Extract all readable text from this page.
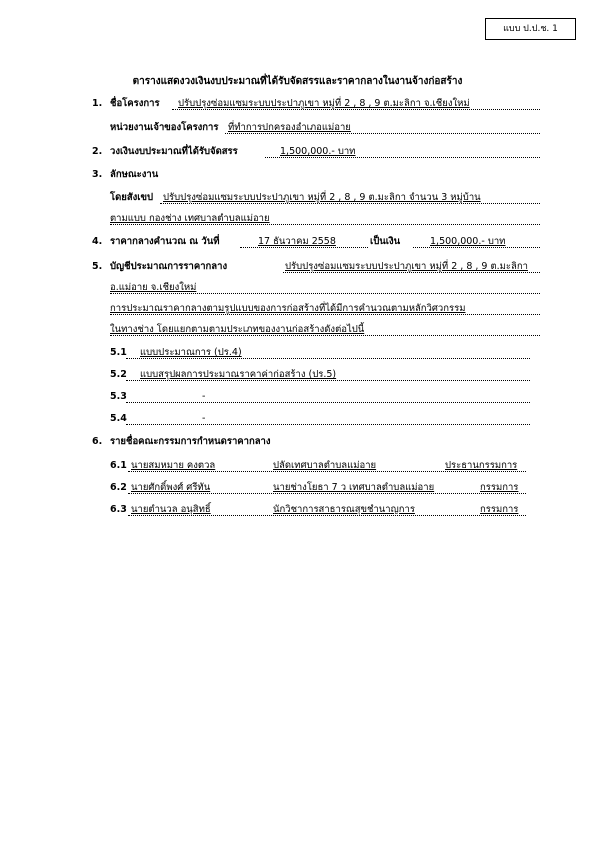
แบบ ป.ป.ช. 1
ตารางแสดงวงเงินงบประมาณที่ได้รับจัดสรรและราคากลางในงานจ้างก่อสร้าง
1. ชื่อโครงการ ปรับปรุงซ่อมแซมระบบประปาภูเขา หมู่ที่ 2 , 8 , 9 ต.มะลิกา จ.เชียงใหม่
หน่วยงานเจ้าของโครงการ ที่ทำการปกครองอำเภอแม่อาย
2. วงเงินงบประมาณที่ได้รับจัดสรร	1,500,000.- บาท
3. ลักษณะงาน
โดยสังเขป ปรับปรุงซ่อมแซมระบบประปาภูเขา หมู่ที่ 2 , 8 , 9 ต.มะลิกา จำนวน 3 หมู่บ้าน
ตามแบบ กองช่าง เทศบาลตำบลแม่อาย
4. ราคากลางคำนวณ ณ วันที่	17 ธันวาคม 2558	เป็นเงิน	1,500,000.- บาท
5. บัญชีประมาณการราคากลาง	ปรับปรุงซ่อมแซมระบบประปาภูเขา หมู่ที่ 2 , 8 , 9 ต.มะลิกา
อ.แม่อาย จ.เชียงใหม่
การประมาณราคากลางตามรูปแบบของการก่อสร้างที่ได้มีการคำนวณตามหลักวิศวกรรม
ในทางช่าง โดยแยกตามตามประเภทของงานก่อสร้างดังต่อไปนี้
5.1 แบบประมาณการ (ปร.4)
5.2 แบบสรุปผลการประมาณราคาค่าก่อสร้าง (ปร.5)
5.3	-
5.4	-
6. รายชื่อคณะกรรมการกำหนดราคากลาง
6.1 นายสมหมาย คงตวล	ปลัดเทศบาลตำบลแม่อาย	ประธานกรรมการ
6.2 นายศักดิ์พงศ์ ศรีทัน	นายช่างโยธา 7 ว เทศบาลตำบลแม่อาย	กรรมการ
6.3 นายตำนวล อนุสิทธิ์	นักวิชาการสาธารณสุขชำนาญการ	กรรมการ
